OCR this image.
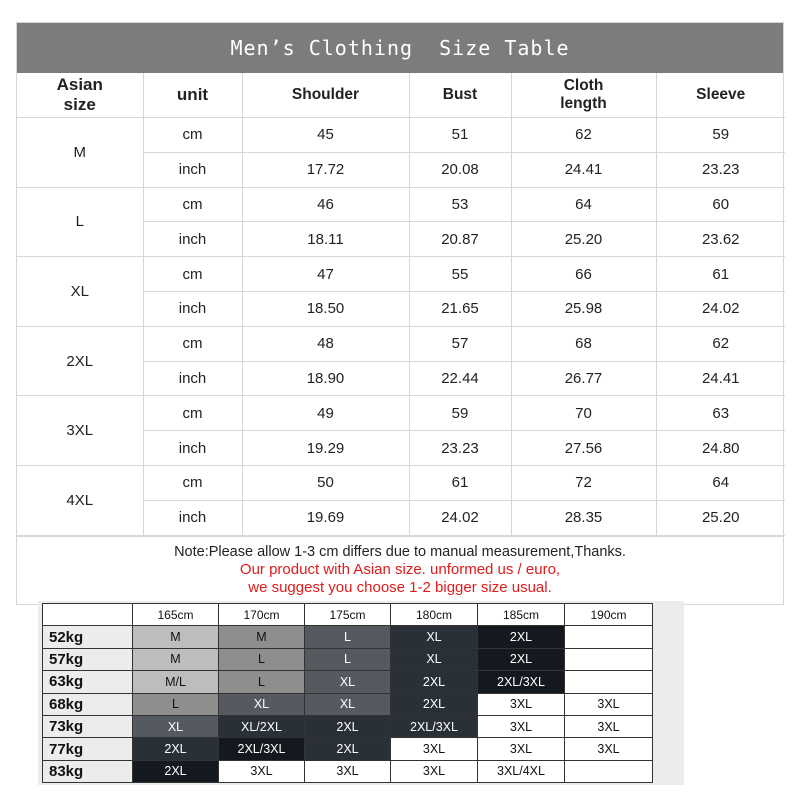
Men’s Clothing  Size Table
Asian size	unit	Shoulder	Bust	Cloth length	Sleeve
M	cm	45	51	62	59
	inch	17.72	20.08	24.41	23.23
L	cm	46	53	64	60
	inch	18.11	20.87	25.20	23.62
XL	cm	47	55	66	61
	inch	18.50	21.65	25.98	24.02
2XL	cm	48	57	68	62
	inch	18.90	22.44	26.77	24.41
3XL	cm	49	59	70	63
	inch	19.29	23.23	27.56	24.80
4XL	cm	50	61	72	64
	inch	19.69	24.02	28.35	25.20
Note:Please allow 1-3 cm differs due to manual measurement,Thanks.
Our product with Asian size. unformed us / euro,
we suggest you choose 1-2 bigger size usual.
	165cm	170cm	175cm	180cm	185cm	190cm
52kg	M	M	L	XL	2XL	
57kg	M	L	L	XL	2XL	
63kg	M/L	L	XL	2XL	2XL/3XL	
68kg	L	XL	XL	2XL	3XL	3XL
73kg	XL	XL/2XL	2XL	2XL/3XL	3XL	3XL
77kg	2XL	2XL/3XL	2XL	3XL	3XL	3XL
83kg	2XL	3XL	3XL	3XL	3XL/4XL	
